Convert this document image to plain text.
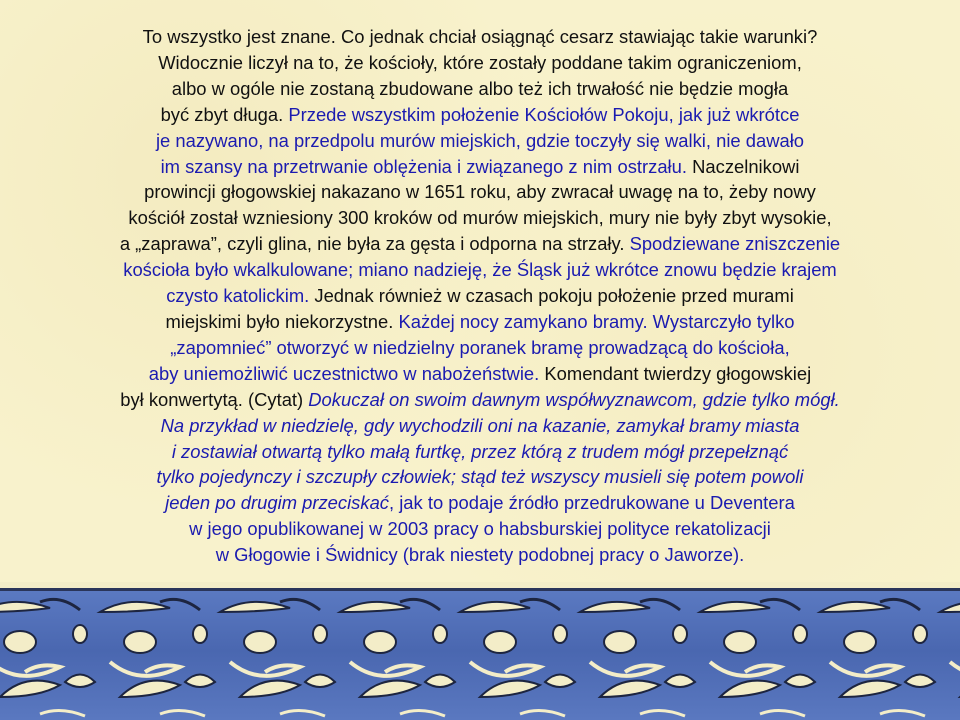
To wszystko jest znane. Co jednak chciał osiągnąć cesarz stawiając takie warunki?
Widocznie liczył na to, że kościoły, które zostały poddane takim ograniczeniom,
albo w ogóle nie zostaną zbudowane albo też ich trwałość nie będzie mogła
być zbyt długa. Przede wszystkim położenie Kościołów Pokoju, jak już wkrótce
je nazywano, na przedpolu murów miejskich, gdzie toczyły się walki, nie dawało
im szansy na przetrwanie oblężenia i związanego z nim ostrzału. Naczelnikowi
prowincji głogowskiej nakazano w 1651 roku, aby zwracał uwagę na to, żeby nowy
kościół został wzniesiony 300 kroków od murów miejskich, mury nie były zbyt wysokie,
a „zaprawa”, czyli glina, nie była za gęsta i odporna na strzały. Spodziewane zniszczenie
kościoła było wkalkulowane; miano nadzieję, że Śląsk już wkrótce znowu będzie krajem
czysto katolickim. Jednak również w czasach pokoju położenie przed murami
miejskimi było niekorzystne. Każdej nocy zamykano bramy. Wystarczyło tylko
„zapomnieć” otworzyć w niedzielny poranek bramę prowadzącą do kościoła,
aby uniemożliwić uczestnictwo w nabożeństwie. Komendant twierdzy głogowskiej
był konwertytą. (Cytat) Dokuczał on swoim dawnym współwyznawcom, gdzie tylko mógł.
Na przykład w niedzielę, gdy wychodzili oni na kazanie, zamykał bramy miasta
i zostawiał otwartą tylko małą furtkę, przez którą z trudem mógł przepełznąć
tylko pojedynczy i szczupły człowiek; stąd też wszyscy musieli się potem powoli
jeden po drugim przeciskać, jak to podaje źródło przedrukowane u Deventera
w jego opublikowanej w 2003 pracy o habsburskiej polityce rekatolizacji
w Głogowie i Świdnicy (brak niestety podobnej pracy o Jaworze).
